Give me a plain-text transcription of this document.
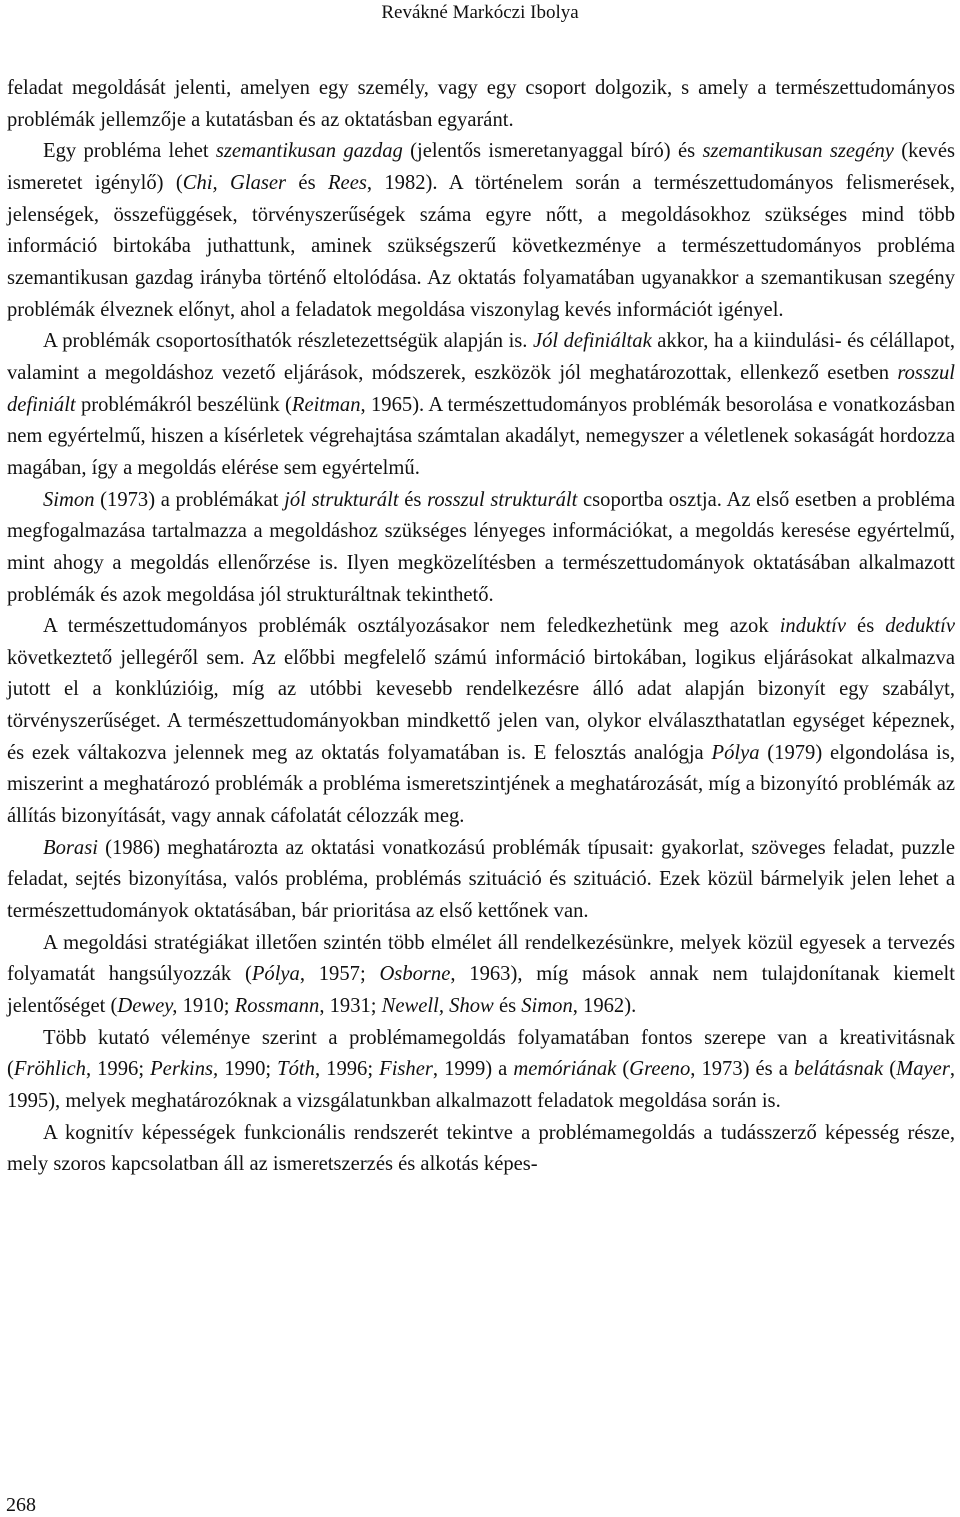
Revákné Markóczi Ibolya

feladat megoldását jelenti, amelyen egy személy, vagy egy csoport dolgozik, s amely a természettudományos problémák jellemzője a kutatásban és az oktatásban egyaránt.

Egy probléma lehet szemantikusan gazdag (jelentős ismeretanyaggal bíró) és szemantikusan szegény (kevés ismeretet igénylő) (Chi, Glaser és Rees, 1982). A történelem során a természettudományos felismerések, jelenségek, összefüggések, törvényszerűségek száma egyre nőtt, a megoldásokhoz szükséges mind több információ birtokába juthattunk, aminek szükségszerű következménye a természettudományos probléma szemantikusan gazdag irányba történő eltolódása. Az oktatás folyamatában ugyanakkor a szemantikusan szegény problémák élveznek előnyt, ahol a feladatok megoldása viszonylag kevés információt igényel.

A problémák csoportosíthatók részletezettségük alapján is. Jól definiáltak akkor, ha a kiindulási- és célállapot, valamint a megoldáshoz vezető eljárások, módszerek, eszközök jól meghatározottak, ellenkező esetben rosszul definiált problémákról beszélünk (Reitman, 1965). A természettudományos problémák besorolása e vonatkozásban nem egyértelmű, hiszen a kísérletek végrehajtása számtalan akadályt, nemegyszer a véletlenek sokaságát hordozza magában, így a megoldás elérése sem egyértelmű.

Simon (1973) a problémákat jól strukturált és rosszul strukturált csoportba osztja. Az első esetben a probléma megfogalmazása tartalmazza a megoldáshoz szükséges lényeges információkat, a megoldás keresése egyértelmű, mint ahogy a megoldás ellenőrzése is. Ilyen megközelítésben a természettudományok oktatásában alkalmazott problémák és azok megoldása jól strukturáltnak tekinthető.

A természettudományos problémák osztályozásakor nem feledkezhetünk meg azok induktív és deduktív következtető jellegéről sem. Az előbbi megfelelő számú információ birtokában, logikus eljárásokat alkalmazva jutott el a konklúzióig, míg az utóbbi kevesebb rendelkezésre álló adat alapján bizonyít egy szabályt, törvényszerűséget. A természettudományokban mindkettő jelen van, olykor elválaszthatatlan egységet képeznek, és ezek váltakozva jelennek meg az oktatás folyamatában is. E felosztás analógja Pólya (1979) elgondolása is, miszerint a meghatározó problémák a probléma ismeretszintjének a meghatározását, míg a bizonyító problémák az állítás bizonyítását, vagy annak cáfolatát célozzák meg.

Borasi (1986) meghatározta az oktatási vonatkozású problémák típusait: gyakorlat, szöveges feladat, puzzle feladat, sejtés bizonyítása, valós probléma, problémás szituáció és szituáció. Ezek közül bármelyik jelen lehet a természettudományok oktatásában, bár prioritása az első kettőnek van.

A megoldási stratégiákat illetően szintén több elmélet áll rendelkezésünkre, melyek közül egyesek a tervezés folyamatát hangsúlyozzák (Pólya, 1957; Osborne, 1963), míg mások annak nem tulajdonítanak kiemelt jelentőséget (Dewey, 1910; Rossmann, 1931; Newell, Show és Simon, 1962).

Több kutató véleménye szerint a problémamegoldás folyamatában fontos szerepe van a kreativitásnak (Fröhlich, 1996; Perkins, 1990; Tóth, 1996; Fisher, 1999) a memóriának (Greeno, 1973) és a belátásnak (Mayer, 1995), melyek meghatározóknak a vizsgálatunkban alkalmazott feladatok megoldása során is.

A kognitív képességek funkcionális rendszerét tekintve a problémamegoldás a tudásszerző képesség része, mely szoros kapcsolatban áll az ismeretszerzés és alkotás képes-

268
